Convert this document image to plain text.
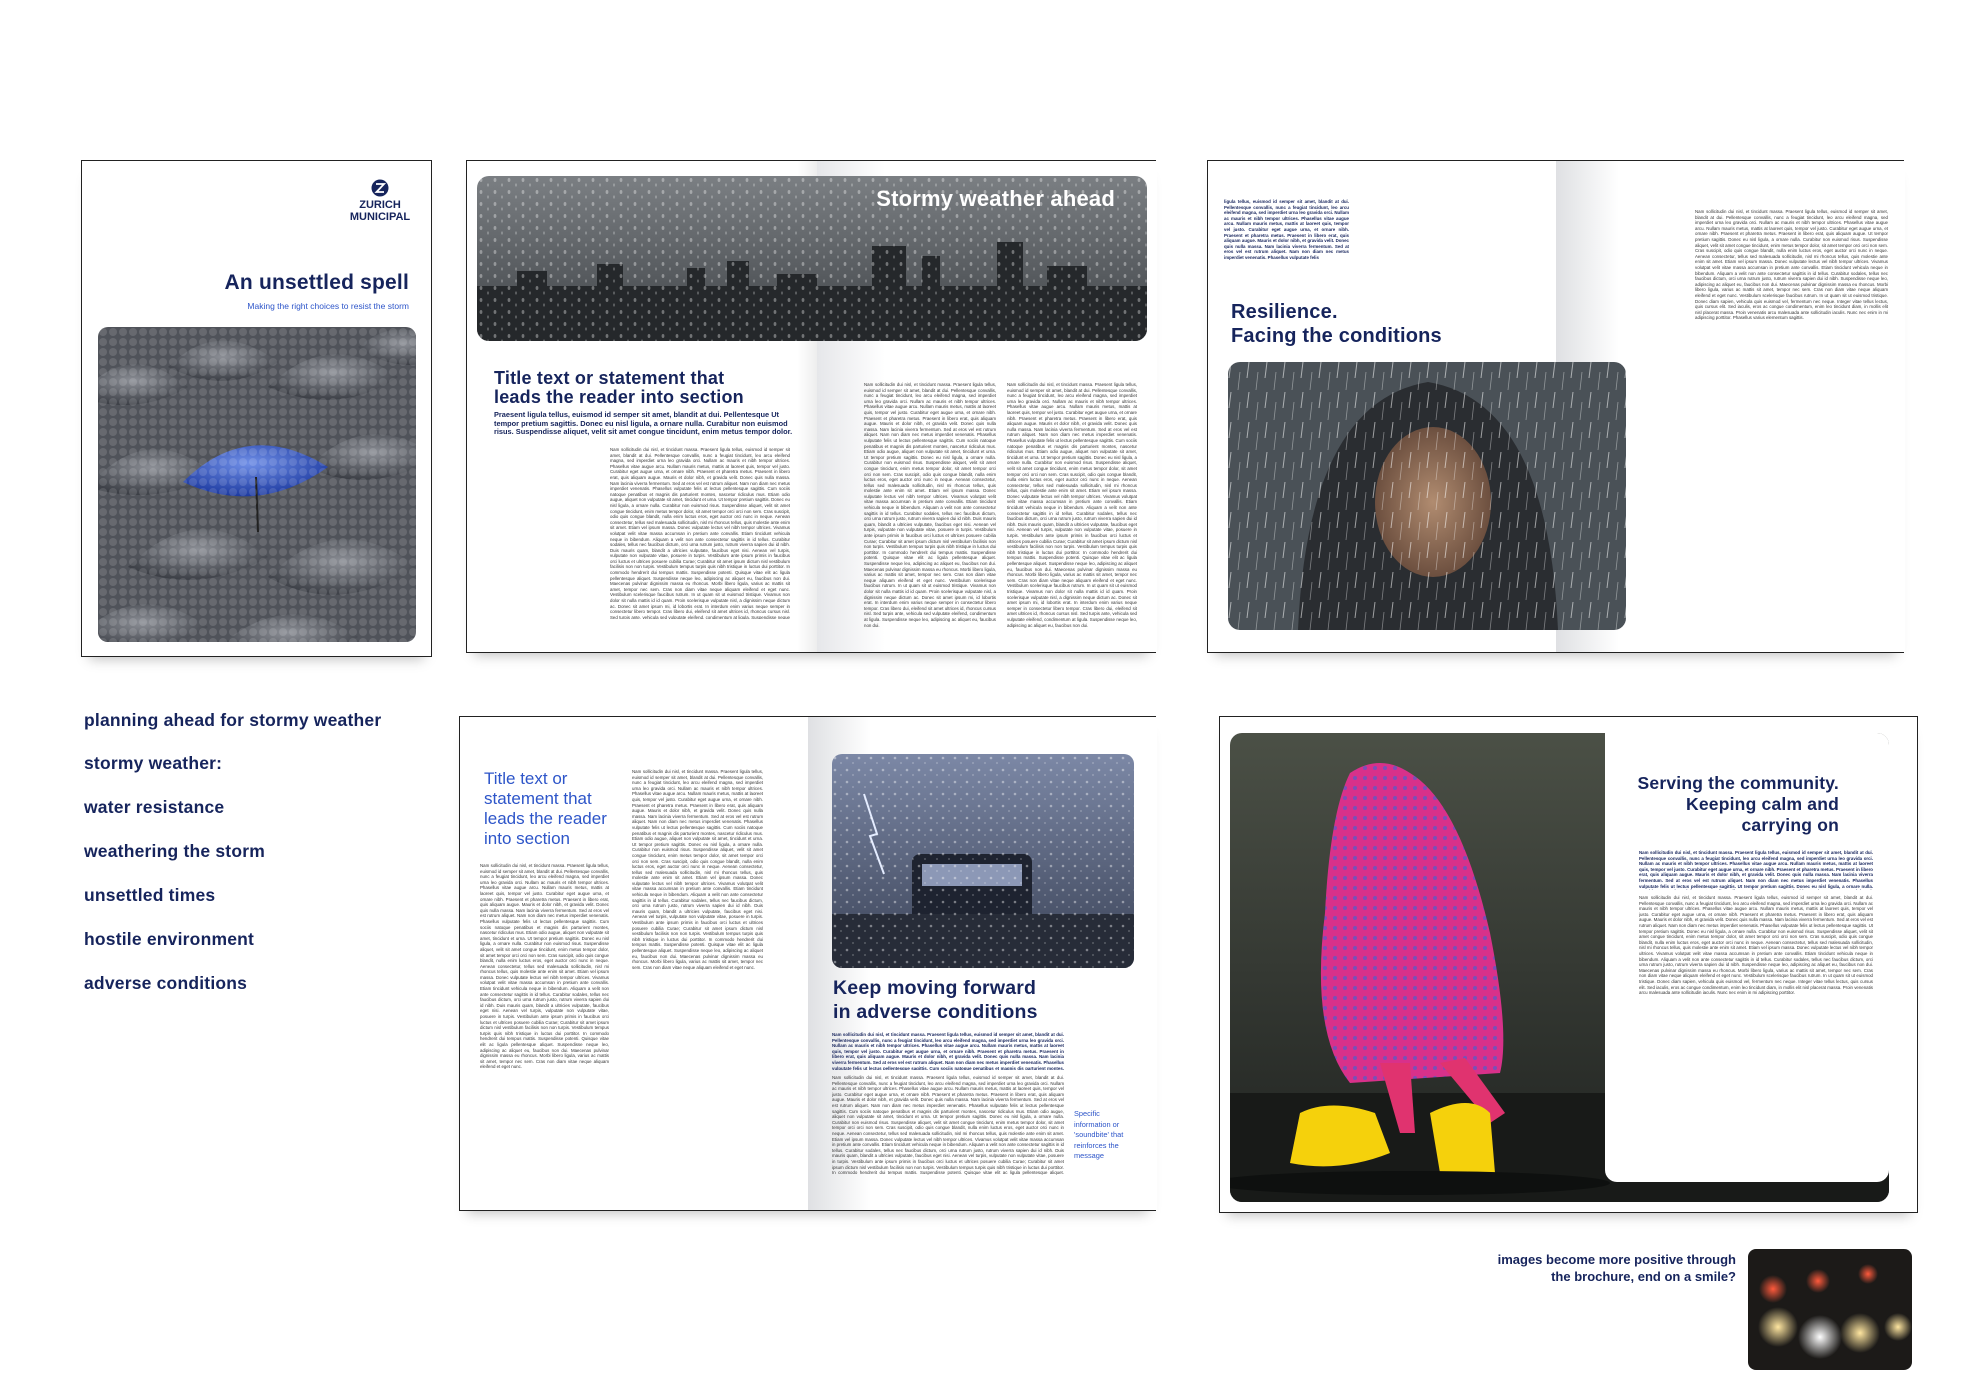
ZURICH
MUNICIPAL
An unsettled spell
Making the right choices to resist the storm
Stormy weather ahead
Title text or statement that
leads the reader into section
Praesent ligula tellus, euismod id semper sit amet, blandit at dui. Pellentesque Ut tempor pretium sagittis. Donec eu nisl ligula, a ornare nulla. Curabitur non euismod risus. Suspendisse aliquet, velit sit amet congue tincidunt, enim metus tempor dolor.
Nam sollicitudin dui nisl, et tincidunt massa. Praesent ligula tellus, euismod id semper sit amet, blandit at dui. Pellentesque convallis, nunc a feugiat tincidunt, leo arcu eleifend magna, sed imperdiet urna leo gravida orci. Nullam ac mauris et nibh tempor ultrices. Phasellus vitae augue arcu. Nullam mauris metus, mattis at laoreet quis, tempor vel justo. Curabitur eget augue urna, et ornare nibh. Praesent et pharetra metus. Praesent in libero erat, quis aliquam augue. Mauris et dolor nibh, et gravida velit. Donec quis nulla massa. Nam lacinia viverra fermentum. Sed at eros vel est rutrum aliquet. Nam non diam nec metus imperdiet venenatis. Phasellus vulputate felis ut lectus pellentesque sagittis. Cum sociis natoque penatibus et magnis dis parturient montes, nascetur ridiculus mus. Etiam odio augue, aliquet non vulputate sit amet, tincidunt et urna. Ut tempor pretium sagittis. Donec eu nisl ligula, a ornare nulla. Curabitur non euismod risus. Suspendisse aliquet, velit sit amet congue tincidunt, enim metus tempor dolor, sit amet tempor orci orci non sem. Cras suscipit, odio quis congue blandit, nulla enim luctus eros, eget auctor orci nunc in neque. Aenean consectetur, tellus sed malesuada sollicitudin, nisl mi rhoncus tellus, quis molestie ante enim sit amet. Etiam vel ipsum massa. Donec vulputate lectus vel nibh tempor ultrices. Vivamus volutpat velit vitae massa accumsan in pretium ante convallis. Etiam tincidunt vehicula neque in bibendum. Aliquam a velit non ante consectetur sagittis in id tellus. Curabitur sodales, tellus nec faucibus dictum, orci urna rutrum justo, rutrum viverra sapien dui id nibh. Duis mauris quam, blandit a ultricies vulputate, faucibus eget nisi. Aenean vel turpis, vulputate non vulputate vitae, posuere in turpis. Vestibulum ante ipsum primis in faucibus orci luctus et ultrices posuere cubilia Curae; Curabitur sit amet ipsum dictum nisl vestibulum facilisis non non turpis. Vestibulum tempus turpis quis nibh tristique in luctus dui porttitor. In commodo hendrerit dui tempus mattis. Suspendisse potenti. Quisque vitae elit ac ligula pellentesque aliquet. Suspendisse neque leo, adipiscing ac aliquet eu, faucibus non dui. Maecenas pulvinar dignissim massa eu rhoncus. Morbi libero ligula, varius ac mattis sit amet, tempor nec sem. Cras non diam vitae neque aliquam eleifend et eget nunc. Vestibulum scelerisque faucibus rutrum. In ut quam sit ut euismod tristique. Vivamus non dolor sit nulla mattis id id quam. Proin scelerisque vulputate nisl, a dignissim neque dictum ac. Donec sit amet ipsum mi, id lobortis erat. In interdum enim varius neque semper in consectetur libero tempor. Cras libero dui, eleifend sit amet ultrices id, rhoncus cursus nisl. Sed turpis ante, vehicula sed vulputate eleifend, condimentum at ligula. Suspendisse neque
Nam sollicitudin dui nisl, et tincidunt massa. Praesent ligula tellus, euismod id semper sit amet, blandit at dui. Pellentesque convallis, nunc a feugiat tincidunt, leo arcu eleifend magna, sed imperdiet urna leo gravida orci. Nullam ac mauris et nibh tempor ultrices. Phasellus vitae augue arcu. Nullam mauris metus, mattis at laoreet quis, tempor vel justo. Curabitur eget augue urna, et ornare nibh. Praesent et pharetra metus. Praesent in libero erat, quis aliquam augue. Mauris et dolor nibh, et gravida velit. Donec quis nulla massa. Nam lacinia viverra fermentum. Sed at eros vel est rutrum aliquet. Nam non diam nec metus imperdiet venenatis. Phasellus vulputate felis ut lectus pellentesque sagittis. Cum sociis natoque penatibus et magnis dis parturient montes, nascetur ridiculus mus. Etiam odio augue, aliquet non vulputate sit amet, tincidunt et urna. Ut tempor pretium sagittis. Donec eu nisl ligula, a ornare nulla. Curabitur non euismod risus. Suspendisse aliquet, velit sit amet congue tincidunt, enim metus tempor dolor, sit amet tempor orci orci non sem. Cras suscipit, odio quis congue blandit, nulla enim luctus eros, eget auctor orci nunc in neque. Aenean consectetur, tellus sed malesuada sollicitudin, nisl mi rhoncus tellus, quis molestie ante enim sit amet. Etiam vel ipsum massa. Donec vulputate lectus vel nibh tempor ultrices. Vivamus volutpat velit vitae massa accumsan in pretium ante convallis. Etiam tincidunt vehicula neque in bibendum. Aliquam a velit non ante consectetur sagittis in id tellus. Curabitur sodales, tellus nec faucibus dictum, orci urna rutrum justo, rutrum viverra sapien dui id nibh. Duis mauris quam, blandit a ultricies vulputate, faucibus eget nisi. Aenean vel turpis, vulputate non vulputate vitae, posuere in turpis. Vestibulum ante ipsum primis in faucibus orci luctus et ultrices posuere cubilia Curae; Curabitur sit amet ipsum dictum nisl vestibulum facilisis non non turpis. Vestibulum tempus turpis quis nibh tristique in luctus dui porttitor. In commodo hendrerit dui tempus mattis. Suspendisse potenti. Quisque vitae elit ac ligula pellentesque aliquet. Suspendisse neque leo, adipiscing ac aliquet eu, faucibus non dui. Maecenas pulvinar dignissim massa eu rhoncus. Morbi libero ligula, varius ac mattis sit amet, tempor nec sem. Cras non diam vitae neque aliquam eleifend et eget nunc. Vestibulum scelerisque faucibus rutrum. In ut quam sit ut euismod tristique. Vivamus non dolor sit nulla mattis id id quam. Proin scelerisque vulputate nisl, a dignissim neque dictum ac. Donec sit amet ipsum mi, id lobortis erat. In interdum enim varius neque semper in consectetur libero tempor. Cras libero dui, eleifend sit amet ultrices id, rhoncus cursus nisl. Sed turpis ante, vehicula sed vulputate eleifend, condimentum at ligula. Suspendisse neque leo, adipiscing ac aliquet eu, faucibus non dui.
Nam sollicitudin dui nisl, et tincidunt massa. Praesent ligula tellus, euismod id semper sit amet, blandit at dui. Pellentesque convallis, nunc a feugiat tincidunt, leo arcu eleifend magna, sed imperdiet urna leo gravida orci. Nullam ac mauris et nibh tempor ultrices. Phasellus vitae augue arcu. Nullam mauris metus, mattis at laoreet quis, tempor vel justo. Curabitur eget augue urna, et ornare nibh. Praesent et pharetra metus. Praesent in libero erat, quis aliquam augue. Mauris et dolor nibh, et gravida velit. Donec quis nulla massa. Nam lacinia viverra fermentum. Sed at eros vel est rutrum aliquet. Nam non diam nec metus imperdiet venenatis. Phasellus vulputate felis ut lectus pellentesque sagittis. Cum sociis natoque penatibus et magnis dis parturient montes, nascetur ridiculus mus. Etiam odio augue, aliquet non vulputate sit amet, tincidunt et urna. Ut tempor pretium sagittis. Donec eu nisl ligula, a ornare nulla. Curabitur non euismod risus. Suspendisse aliquet, velit sit amet congue tincidunt, enim metus tempor dolor, sit amet tempor orci orci non sem. Cras suscipit, odio quis congue blandit, nulla enim luctus eros, eget auctor orci nunc in neque. Aenean consectetur, tellus sed malesuada sollicitudin, nisl mi rhoncus tellus, quis molestie ante enim sit amet. Etiam vel ipsum massa. Donec vulputate lectus vel nibh tempor ultrices. Vivamus volutpat velit vitae massa accumsan in pretium ante convallis. Etiam tincidunt vehicula neque in bibendum. Aliquam a velit non ante consectetur sagittis in id tellus. Curabitur sodales, tellus nec faucibus dictum, orci urna rutrum justo, rutrum viverra sapien dui id nibh. Duis mauris quam, blandit a ultricies vulputate, faucibus eget nisi. Aenean vel turpis, vulputate non vulputate vitae, posuere in turpis. Vestibulum ante ipsum primis in faucibus orci luctus et ultrices posuere cubilia Curae; Curabitur sit amet ipsum dictum nisl vestibulum facilisis non non turpis. Vestibulum tempus turpis quis nibh tristique in luctus dui porttitor. In commodo hendrerit dui tempus mattis. Suspendisse potenti. Quisque vitae elit ac ligula pellentesque aliquet. Suspendisse neque leo, adipiscing ac aliquet eu, faucibus non dui. Maecenas pulvinar dignissim massa eu rhoncus. Morbi libero ligula, varius ac mattis sit amet, tempor nec sem. Cras non diam vitae neque aliquam eleifend et eget nunc. Vestibulum scelerisque faucibus rutrum. In ut quam sit ut euismod tristique. Vivamus non dolor sit nulla mattis id id quam. Proin scelerisque vulputate nisl, a dignissim neque dictum ac. Donec sit amet ipsum mi, id lobortis erat. In interdum enim varius neque semper in consectetur libero tempor. Cras libero dui, eleifend sit amet ultrices id, rhoncus cursus nisl. Sed turpis ante, vehicula sed vulputate eleifend, condimentum at ligula. Suspendisse neque leo, adipiscing ac aliquet eu, faucibus non dui.
ligula tellus, euismod id semper sit amet, blandit at dui. Pellentesque convallis, nunc a feugiat tincidunt, leo arcu eleifend magna, sed imperdiet urna leo gravida orci. Nullam ac mauris et nibh tempor ultrices. Phasellus vitae augue arcu. Nullam mauris metus, mattis at laoreet quis, tempor vel justo. Curabitur eget augue urna, et ornare nibh. Praesent et pharetra metus. Praesent in libero erat, quis aliquam augue. Mauris et dolor nibh, et gravida velit. Donec quis nulla massa. Nam lacinia viverra fermentum. Sed at eros vel est rutrum aliquet. Nam non diam nec metus imperdiet venenatis. Phasellus vulputate felis
Resilience.
Facing the conditions
Nam sollicitudin dui nisl, et tincidunt massa. Praesent ligula tellus, euismod id semper sit amet, blandit at dui. Pellentesque convallis, nunc a feugiat tincidunt, leo arcu eleifend magna, sed imperdiet urna leo gravida orci. Nullam ac mauris et nibh tempor ultrices. Phasellus vitae augue arcu. Nullam mauris metus, mattis at laoreet quis, tempor vel justo. Curabitur eget augue urna, et ornare nibh. Praesent et pharetra metus. Praesent in libero erat, quis aliquam augue. Ut tempor pretium sagittis. Donec eu nisl ligula, a ornare nulla. Curabitur non euismod risus. Suspendisse aliquet, velit sit amet congue tincidunt, enim metus tempor dolor, sit amet tempor orci orci non sem. Cras suscipit, odio quis congue blandit, nulla enim luctus eros, eget auctor orci nunc in neque. Aenean consectetur, tellus sed malesuada sollicitudin, nisl mi rhoncus tellus, quis molestie ante enim sit amet. Etiam vel ipsum massa. Donec vulputate lectus vel nibh tempor ultrices. Vivamus volutpat velit vitae massa accumsan in pretium ante convallis. Etiam tincidunt vehicula neque in bibendum. Aliquam a velit non ante consectetur sagittis in id tellus. Curabitur sodales, tellus nec faucibus dictum, orci urna rutrum justo, rutrum viverra sapien dui id nibh. Suspendisse neque leo, adipiscing ac aliquet eu, faucibus non dui. Maecenas pulvinar dignissim massa eu rhoncus. Morbi libero ligula, varius ac mattis sit amet, tempor nec sem. Cras non diam vitae neque aliquam eleifend et eget nunc. Vestibulum scelerisque faucibus rutrum. In ut quam sit ut euismod tristique. Donec diam sapien, vehicula quis euismod vel, fermentum nec neque. Integer vitae tellus lectus, quis cursus elit. Sed iaculis, eros ac congue condimentum, enim leo tincidunt diam, in mollis elit nisl placerat massa. Proin venenatis arcu malesuada ante sollicitudin iaculis. Nunc nec enim in mi adipiscing porttitor. Phasellus varius elementum sagittis.
planning ahead for stormy weather
stormy weather:
water resistance
weathering the storm
unsettled times
hostile environment
adverse conditions
Title text or
statement that
leads the reader
into section
Nam sollicitudin dui nisl, et tincidunt massa. Praesent ligula tellus, euismod id semper sit amet, blandit at dui. Pellentesque convallis, nunc a feugiat tincidunt, leo arcu eleifend magna, sed imperdiet urna leo gravida orci. Nullam ac mauris et nibh tempor ultrices. Phasellus vitae augue arcu. Nullam mauris metus, mattis at laoreet quis, tempor vel justo. Curabitur eget augue urna, et ornare nibh. Praesent et pharetra metus. Praesent in libero erat, quis aliquam augue. Mauris et dolor nibh, et gravida velit. Donec quis nulla massa. Nam lacinia viverra fermentum. Sed at eros vel est rutrum aliquet. Nam non diam nec metus imperdiet venenatis. Phasellus vulputate felis ut lectus pellentesque sagittis. Cum sociis natoque penatibus et magnis dis parturient montes, nascetur ridiculus mus. Etiam odio augue, aliquet non vulputate sit amet, tincidunt et urna. Ut tempor pretium sagittis. Donec eu nisl ligula, a ornare nulla. Curabitur non euismod risus. Suspendisse aliquet, velit sit amet congue tincidunt, enim metus tempor dolor, sit amet tempor orci orci non sem. Cras suscipit, odio quis congue blandit, nulla enim luctus eros, eget auctor orci nunc in neque. Aenean consectetur, tellus sed malesuada sollicitudin, nisl mi rhoncus tellus, quis molestie ante enim sit amet. Etiam vel ipsum massa. Donec vulputate lectus vel nibh tempor ultrices. Vivamus volutpat velit vitae massa accumsan in pretium ante convallis. Etiam tincidunt vehicula neque in bibendum. Aliquam a velit non ante consectetur sagittis in id tellus. Curabitur sodales, tellus nec faucibus dictum, orci urna rutrum justo, rutrum viverra sapien dui id nibh. Duis mauris quam, blandit a ultricies vulputate, faucibus eget nisi. Aenean vel turpis, vulputate non vulputate vitae, posuere in turpis. Vestibulum ante ipsum primis in faucibus orci luctus et ultrices posuere cubilia Curae; Curabitur sit amet ipsum dictum nisl vestibulum facilisis non non turpis. Vestibulum tempus turpis quis nibh tristique in luctus dui porttitor. In commodo hendrerit dui tempus mattis. Suspendisse potenti. Quisque vitae elit ac ligula pellentesque aliquet. Suspendisse neque leo, adipiscing ac aliquet eu, faucibus non dui. Maecenas pulvinar dignissim massa eu rhoncus. Morbi libero ligula, varius ac mattis sit amet, tempor nec sem. Cras non diam vitae neque aliquam eleifend et eget nunc.
Nam sollicitudin dui nisl, et tincidunt massa. Praesent ligula tellus, euismod id semper sit amet, blandit at dui. Pellentesque convallis, nunc a feugiat tincidunt, leo arcu eleifend magna, sed imperdiet urna leo gravida orci. Nullam ac mauris et nibh tempor ultrices. Phasellus vitae augue arcu. Nullam mauris metus, mattis at laoreet quis, tempor vel justo. Curabitur eget augue urna, et ornare nibh. Praesent et pharetra metus. Praesent in libero erat, quis aliquam augue. Mauris et dolor nibh, et gravida velit. Donec quis nulla massa. Nam lacinia viverra fermentum. Sed at eros vel est rutrum aliquet. Nam non diam nec metus imperdiet venenatis. Phasellus vulputate felis ut lectus pellentesque sagittis. Cum sociis natoque penatibus et magnis dis parturient montes, nascetur ridiculus mus. Etiam odio augue, aliquet non vulputate sit amet, tincidunt et urna. Ut tempor pretium sagittis. Donec eu nisl ligula, a ornare nulla. Curabitur non euismod risus. Suspendisse aliquet, velit sit amet congue tincidunt, enim metus tempor dolor, sit amet tempor orci orci non sem. Cras suscipit, odio quis congue blandit, nulla enim luctus eros, eget auctor orci nunc in neque. Aenean consectetur, tellus sed malesuada sollicitudin, nisl mi rhoncus tellus, quis molestie ante enim sit amet. Etiam vel ipsum massa. Donec vulputate lectus vel nibh tempor ultrices. Vivamus volutpat velit vitae massa accumsan in pretium ante convallis. Etiam tincidunt vehicula neque in bibendum. Aliquam a velit non ante consectetur sagittis in id tellus. Curabitur sodales, tellus nec faucibus dictum, orci urna rutrum justo, rutrum viverra sapien dui id nibh. Duis mauris quam, blandit a ultricies vulputate, faucibus eget nisi. Aenean vel turpis, vulputate non vulputate vitae, posuere in turpis. Vestibulum ante ipsum primis in faucibus orci luctus et ultrices posuere cubilia Curae; Curabitur sit amet ipsum dictum nisl vestibulum facilisis non non turpis. Vestibulum tempus turpis quis nibh tristique in luctus dui porttitor. In commodo hendrerit dui tempus mattis. Suspendisse potenti. Quisque vitae elit ac ligula pellentesque aliquet. Suspendisse neque leo, adipiscing ac aliquet eu, faucibus non dui. Maecenas pulvinar dignissim massa eu rhoncus. Morbi libero ligula, varius ac mattis sit amet, tempor nec sem. Cras non diam vitae neque aliquam eleifend et eget nunc.
Keep moving forward
in adverse conditions
Nam sollicitudin dui nisl, et tincidunt massa. Praesent ligula tellus, euismod id semper sit amet, blandit at dui. Pellentesque convallis, nunc a feugiat tincidunt, leo arcu eleifend magna, sed imperdiet urna leo gravida orci. Nullam ac mauris et nibh tempor ultrices. Phasellus vitae augue arcu. Nullam mauris metus, mattis at laoreet quis, tempor vel justo. Curabitur eget augue urna, et ornare nibh. Praesent et pharetra metus. Praesent in libero erat, quis aliquam augue. Mauris et dolor nibh, et gravida velit. Donec quis nulla massa. Nam lacinia viverra fermentum. Sed at eros vel est rutrum aliquet. Nam non diam nec metus imperdiet venenatis. Phasellus vulputate felis ut lectus pellentesque sagittis. Cum sociis natoque penatibus et magnis dis parturient montes,
Nam sollicitudin dui nisl, et tincidunt massa. Praesent ligula tellus, euismod id semper sit amet, blandit at dui. Pellentesque convallis, nunc a feugiat tincidunt, leo arcu eleifend magna, sed imperdiet urna leo gravida orci. Nullam ac mauris et nibh tempor ultrices. Phasellus vitae augue arcu. Nullam mauris metus, mattis at laoreet quis, tempor vel justo. Curabitur eget augue urna, et ornare nibh. Praesent et pharetra metus. Praesent in libero erat, quis aliquam augue. Mauris et dolor nibh, et gravida velit. Donec quis nulla massa. Nam lacinia viverra fermentum. Sed at eros vel est rutrum aliquet. Nam non diam nec metus imperdiet venenatis. Phasellus vulputate felis ut lectus pellentesque sagittis. Cum sociis natoque penatibus et magnis dis parturient montes, nascetur ridiculus mus. Etiam odio augue, aliquet non vulputate sit amet, tincidunt et urna. Ut tempor pretium sagittis. Donec eu nisl ligula, a ornare nulla. Curabitur non euismod risus. Suspendisse aliquet, velit sit amet congue tincidunt, enim metus tempor dolor, sit amet tempor orci orci non sem. Cras suscipit, odio quis congue blandit, nulla enim luctus eros, eget auctor orci nunc in neque. Aenean consectetur, tellus sed malesuada sollicitudin, nisl mi rhoncus tellus, quis molestie ante enim sit amet. Etiam vel ipsum massa. Donec vulputate lectus vel nibh tempor ultrices. Vivamus volutpat velit vitae massa accumsan in pretium ante convallis. Etiam tincidunt vehicula neque in bibendum. Aliquam a velit non ante consectetur sagittis in id tellus. Curabitur sodales, tellus nec faucibus dictum, orci urna rutrum justo, rutrum viverra sapien dui id nibh. Duis mauris quam, blandit a ultricies vulputate, faucibus eget nisi. Aenean vel turpis, vulputate non vulputate vitae, posuere in turpis. Vestibulum ante ipsum primis in faucibus orci luctus et ultrices posuere cubilia Curae; Curabitur sit amet ipsum dictum nisl vestibulum facilisis non non turpis. Vestibulum tempus turpis quis nibh tristique in luctus dui porttitor. In commodo hendrerit dui tempus mattis. Suspendisse potenti. Quisque vitae elit ac ligula pellentesque aliquet.
Specific
information or
'soundbite' that
reinforces the
message
Serving the community.
Keeping calm and
carrying on
Nam sollicitudin dui nisl, et tincidunt massa. Praesent ligula tellus, euismod id semper sit amet, blandit at dui. Pellentesque convallis, nunc a feugiat tincidunt, leo arcu eleifend magna, sed imperdiet urna leo gravida orci. Nullam ac mauris et nibh tempor ultrices. Phasellus vitae augue arcu. Nullam mauris metus, mattis at laoreet quis, tempor vel justo. Curabitur eget augue urna, et ornare nibh. Praesent et pharetra metus. Praesent in libero erat, quis aliquam augue. Mauris et dolor nibh, et gravida velit. Donec quis nulla massa. Nam lacinia viverra fermentum. Sed at eros vel est rutrum aliquet. Nam non diam nec metus imperdiet venenatis. Phasellus vulputate felis ut lectus pellentesque sagittis. Ut tempor pretium sagittis. Donec eu nisl ligula, a ornare nulla.
Nam sollicitudin dui nisl, et tincidunt massa. Praesent ligula tellus, euismod id semper sit amet, blandit at dui. Pellentesque convallis, nunc a feugiat tincidunt, leo arcu eleifend magna, sed imperdiet urna leo gravida orci. Nullam ac mauris et nibh tempor ultrices. Phasellus vitae augue arcu. Nullam mauris metus, mattis at laoreet quis, tempor vel justo. Curabitur eget augue urna, et ornare nibh. Praesent et pharetra metus. Praesent in libero erat, quis aliquam augue. Mauris et dolor nibh, et gravida velit. Donec quis nulla massa. Nam lacinia viverra fermentum. Sed at eros vel est rutrum aliquet. Nam non diam nec metus imperdiet venenatis. Phasellus vulputate felis ut lectus pellentesque sagittis. Ut tempor pretium sagittis. Donec eu nisl ligula, a ornare nulla. Curabitur non euismod risus. Suspendisse aliquet, velit sit amet congue tincidunt, enim metus tempor dolor, sit amet tempor orci orci non sem. Cras suscipit, odio quis congue blandit, nulla enim luctus eros, eget auctor orci nunc in neque. Aenean consectetur, tellus sed malesuada sollicitudin, nisl mi rhoncus tellus, quis molestie ante enim sit amet. Etiam vel ipsum massa. Donec vulputate lectus vel nibh tempor ultrices. Vivamus volutpat velit vitae massa accumsan in pretium ante convallis. Etiam tincidunt vehicula neque in bibendum. Aliquam a velit non ante consectetur sagittis in id tellus. Curabitur sodales, tellus nec faucibus dictum, orci urna rutrum justo, rutrum viverra sapien dui id nibh. Suspendisse neque leo, adipiscing ac aliquet eu, faucibus non dui. Maecenas pulvinar dignissim massa eu rhoncus. Morbi libero ligula, varius ac mattis sit amet, tempor nec sem. Cras non diam vitae neque aliquam eleifend et eget nunc. Vestibulum scelerisque faucibus rutrum. In ut quam sit ut euismod tristique. Donec diam sapien, vehicula quis euismod vel, fermentum nec neque. Integer vitae tellus lectus, quis cursus elit. Sed iaculis, eros ac congue condimentum, enim leo tincidunt diam, in mollis elit nisl placerat massa. Proin venenatis arcu malesuada ante sollicitudin iaculis. Nunc nec enim in mi adipiscing porttitor.
images become more positive through
the brochure, end on a smile?
